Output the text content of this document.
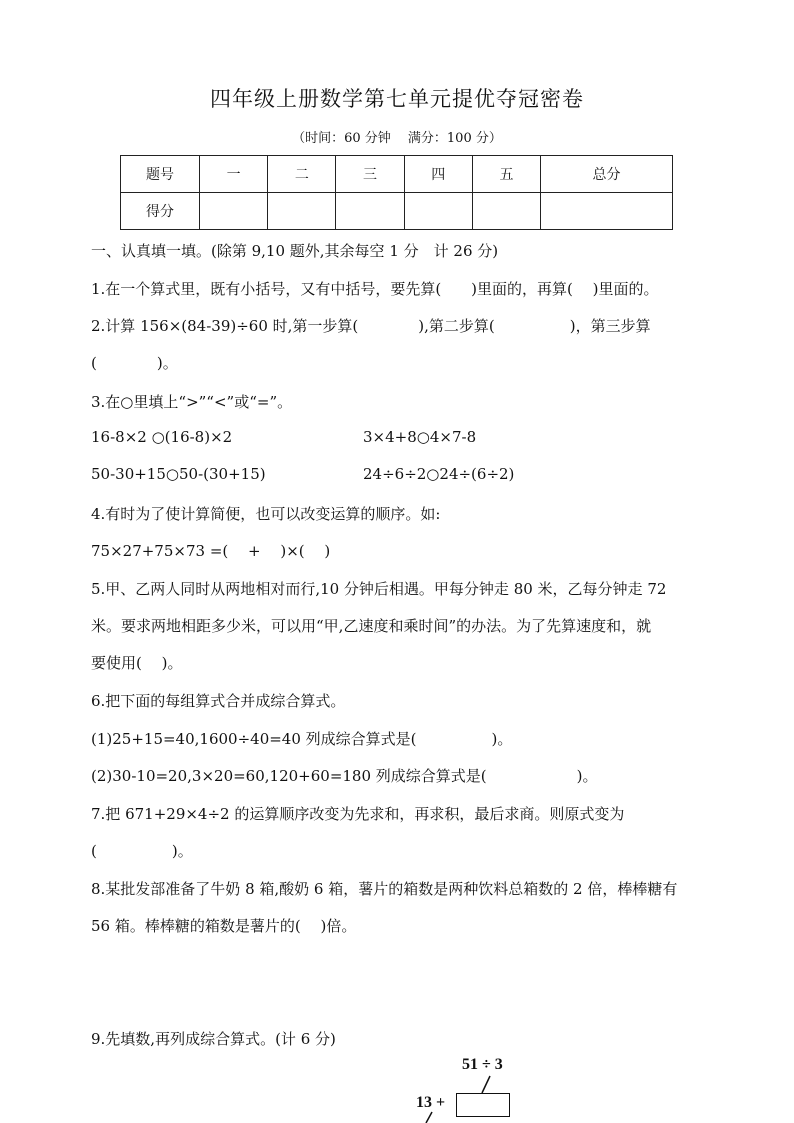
四年级上册数学第七单元提优夺冠密卷
（时间：60 分钟　 满分：100 分）
题号	一	二	三	四	五	总分
得分						
一、认真填一填。(除第 9,10 题外,其余每空 1 分　计 26 分)
1.在一个算式里，既有小括号，又有中括号，要先算(　　)里面的，再算(　 )里面的。
2.计算 156×(84-39)÷60 时,第一步算(　　　　),第二步算(　　　　　)，第三步算
(　　　　)。
3.在○里填上“>”“<”或“=”。
16-8×2 ○(16-8)×2	3×4+8○4×7-8
50-30+15○50-(30+15)	24÷6÷2○24÷(6÷2)
4.有时为了使计算简便，也可以改变运算的顺序。如:
75×27+75×73 =(　 +　 )×(　 )
5.甲、乙两人同时从两地相对而行,10 分钟后相遇。甲每分钟走 80 米，乙每分钟走 72
米。要求两地相距多少米，可以用“甲,乙速度和乘时间”的办法。为了先算速度和，就
要使用(　 )。
6.把下面的每组算式合并成综合算式。
(1)25+15=40,1600÷40=40 列成综合算式是(　　　　　)。
(2)30-10=20,3×20=60,120+60=180 列成综合算式是(　　　　　　)。
7.把 671+29×4÷2 的运算顺序改变为先求和，再求积，最后求商。则原式变为
(　　　　　)。
8.某批发部准备了牛奶 8 箱,酸奶 6 箱，薯片的箱数是两种饮料总箱数的 2 倍，棒棒糖有
56 箱。棒棒糖的箱数是薯片的(　 )倍。
9.先填数,再列成综合算式。(计 6 分)
51 ÷ 3
13 +
